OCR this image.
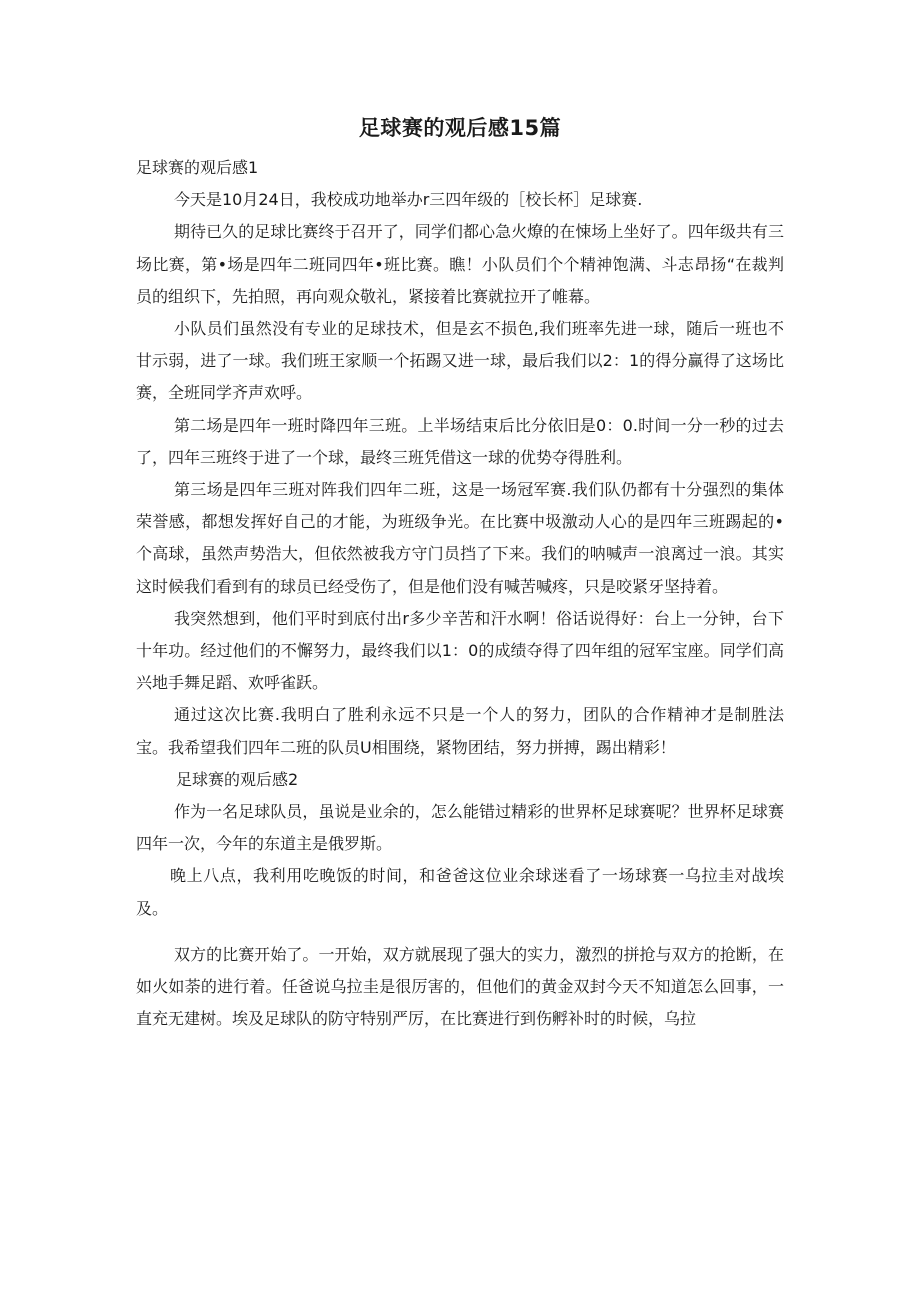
足球赛的观后感15篇

足球赛的观后感1

今天是10月24日，我校成功地举办r三四年级的［校长杯］足球赛.

期待已久的足球比赛终于召开了，同学们都心急火燎的在悚场上坐好了。四年级共有三场比赛，第•场是四年二班同四年•班比赛。瞧！小队员们个个精神饱满、斗志昂扬“在裁判员的组织下，先拍照，再向观众敬礼，紧接着比赛就拉开了帷幕。

小队员们虽然没有专业的足球技术，但是玄不损色,我们班率先进一球，随后一班也不甘示弱，进了一球。我们班王家顺一个拓踢又进一球，最后我们以2：1的得分赢得了这场比赛，全班同学齐声欢呼。

第二场是四年一班时降四年三班。上半场结束后比分依旧是0：0.时间一分一秒的过去了，四年三班终于进了一个球，最终三班凭借这一球的优势夺得胜利。

第三场是四年三班对阵我们四年二班，这是一场冠军赛.我们队仍都有十分强烈的集体荣誉感，都想发挥好自己的才能，为班级争光。在比赛中圾激动人心的是四年三班踢起的•个高球，虽然声势浩大，但依然被我方守门员挡了下来。我们的呐喊声一浪离过一浪。其实这时候我们看到有的球员已经受伤了，但是他们没有喊苦喊疼，只是咬紧牙坚持着。

我突然想到，他们平时到底付出r多少辛苦和汗水啊！俗话说得好：台上一分钟，台下十年功。经过他们的不懈努力，最终我们以1：0的成绩夺得了四年组的冠军宝座。同学们高兴地手舞足蹈、欢呼雀跃。

通过这次比赛.我明白了胜利永远不只是一个人的努力，团队的合作精神才是制胜法宝。我希望我们四年二班的队员U相围绕，紧物团结，努力拼搏，踢出精彩！

足球赛的观后感2

作为一名足球队员，虽说是业余的，怎么能错过精彩的世界杯足球赛呢？世界杯足球赛四年一次，今年的东道主是俄罗斯。

晚上八点，我利用吃晚饭的时间，和爸爸这位业余球迷看了一场球赛一乌拉圭对战埃及。

双方的比赛开始了。一开始，双方就展现了强大的实力，激烈的拼抢与双方的抢断，在如火如荼的进行着。任爸说乌拉圭是很厉害的，但他们的黄金双封今天不知道怎么回事，一直充无建树。埃及足球队的防守特别严厉，在比赛进行到伤孵补时的时候，乌拉
